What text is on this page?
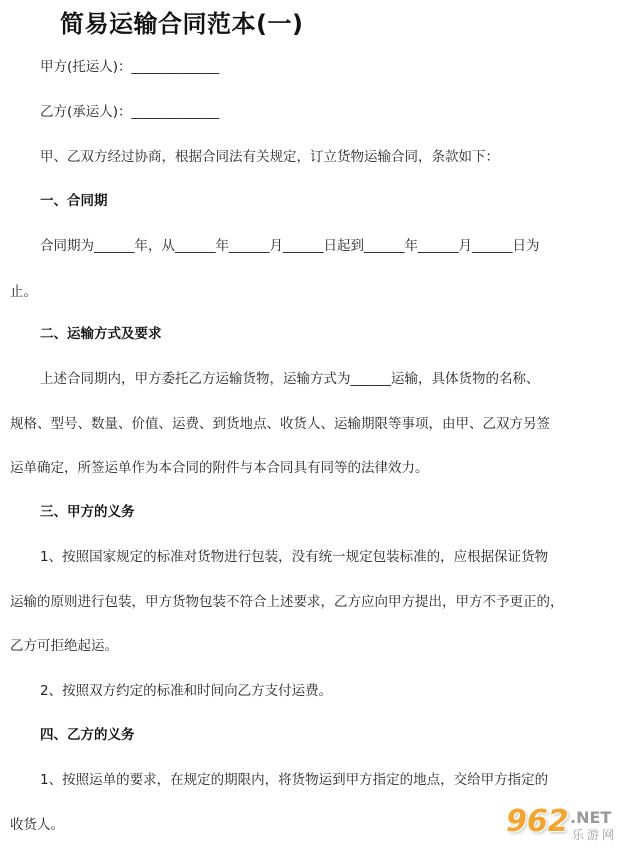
简易运输合同范本(一)
甲方(托运人)：_____________
乙方(承运人)：_____________
甲、乙双方经过协商，根据合同法有关规定，订立货物运输合同，条款如下：
一、合同期
合同期为______年，从______年______月______日起到______年______月______日为
止。
二、运输方式及要求
上述合同期内，甲方委托乙方运输货物，运输方式为______运输，具体货物的名称、
规格、型号、数量、价值、运费、到货地点、收货人、运输期限等事项，由甲、乙双方另签
运单确定，所签运单作为本合同的附件与本合同具有同等的法律效力。
三、甲方的义务
1、按照国家规定的标准对货物进行包装，没有统一规定包装标准的，应根据保证货物
运输的原则进行包装，甲方货物包装不符合上述要求，乙方应向甲方提出，甲方不予更正的，
乙方可拒绝起运。
2、按照双方约定的标准和时间向乙方支付运费。
四、乙方的义务
1、按照运单的要求，在规定的期限内，将货物运到甲方指定的地点，交给甲方指定的
收货人。	962 .NET
乐游网
